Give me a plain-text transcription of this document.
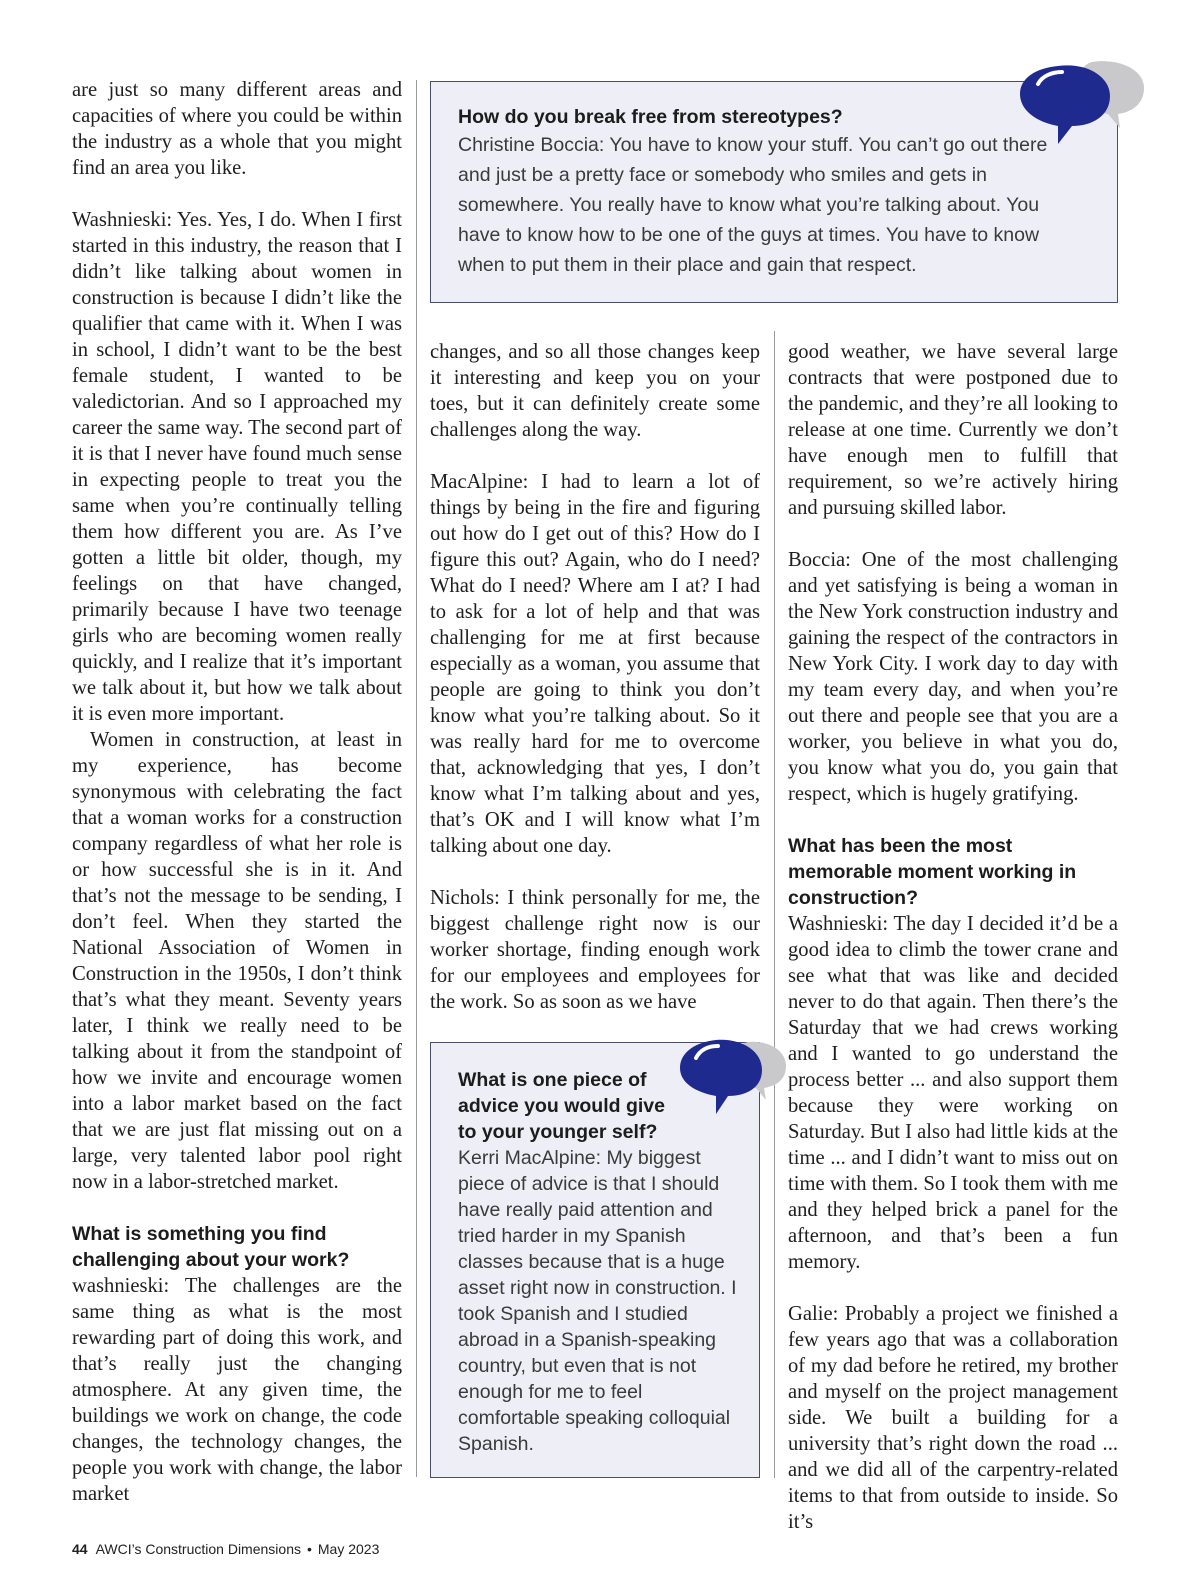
are just so many different areas and capacities of where you could be within the industry as a whole that you might find an area you like.

Washnieski: Yes. Yes, I do. When I first started in this industry, the reason that I didn’t like talking about women in construction is because I didn’t like the qualifier that came with it. When I was in school, I didn’t want to be the best female student, I wanted to be valedictorian. And so I approached my career the same way. The second part of it is that I never have found much sense in expecting people to treat you the same when you’re continually telling them how different you are. As I’ve gotten a little bit older, though, my feelings on that have changed, primarily because I have two teenage girls who are becoming women really quickly, and I realize that it’s important we talk about it, but how we talk about it is even more important.

Women in construction, at least in my experience, has become synonymous with celebrating the fact that a woman works for a construction company regardless of what her role is or how successful she is in it. And that’s not the message to be sending, I don’t feel. When they started the National Association of Women in Construction in the 1950s, I don’t think that’s what they meant. Seventy years later, I think we really need to be talking about it from the standpoint of how we invite and encourage women into a labor market based on the fact that we are just flat missing out on a large, very talented labor pool right now in a labor-stretched market.

What is something you find challenging about your work?

washnieski: The challenges are the same thing as what is the most rewarding part of doing this work, and that’s really just the changing atmosphere. At any given time, the buildings we work on change, the code changes, the technology changes, the people you work with change, the labor market

How do you break free from stereotypes?

Christine Boccia: You have to know your stuff. You can’t go out there and just be a pretty face or somebody who smiles and gets in somewhere. You really have to know what you’re talking about. You have to know how to be one of the guys at times. You have to know when to put them in their place and gain that respect.

changes, and so all those changes keep it interesting and keep you on your toes, but it can definitely create some challenges along the way.

MacAlpine: I had to learn a lot of things by being in the fire and figuring out how do I get out of this? How do I figure this out? Again, who do I need? What do I need? Where am I at? I had to ask for a lot of help and that was challenging for me at first because especially as a woman, you assume that people are going to think you don’t know what you’re talking about. So it was really hard for me to overcome that, acknowledging that yes, I don’t know what I’m talking about and yes, that’s OK and I will know what I’m talking about one day.

Nichols: I think personally for me, the biggest challenge right now is our worker shortage, finding enough work for our employees and employees for the work. So as soon as we have

What is one piece of advice you would give to your younger self?

Kerri MacAlpine: My biggest piece of advice is that I should have really paid attention and tried harder in my Spanish classes because that is a huge asset right now in construction. I took Spanish and I studied abroad in a Spanish-speaking country, but even that is not enough for me to feel comfortable speaking colloquial Spanish.

good weather, we have several large contracts that were postponed due to the pandemic, and they’re all looking to release at one time. Currently we don’t have enough men to fulfill that requirement, so we’re actively hiring and pursuing skilled labor.

Boccia: One of the most challenging and yet satisfying is being a woman in the New York construction industry and gaining the respect of the contractors in New York City. I work day to day with my team every day, and when you’re out there and people see that you are a worker, you believe in what you do, you know what you do, you gain that respect, which is hugely gratifying.

What has been the most memorable moment working in construction?

Washnieski: The day I decided it’d be a good idea to climb the tower crane and see what that was like and decided never to do that again. Then there’s the Saturday that we had crews working and I wanted to go understand the process better ... and also support them because they were working on Saturday. But I also had little kids at the time ... and I didn’t want to miss out on time with them. So I took them with me and they helped brick a panel for the afternoon, and that’s been a fun memory.

Galie: Probably a project we finished a few years ago that was a collaboration of my dad before he retired, my brother and myself on the project management side. We built a building for a university that’s right down the road ... and we did all of the carpentry-related items to that from outside to inside. So it’s

44 AWCI’s Construction Dimensions • May 2023
